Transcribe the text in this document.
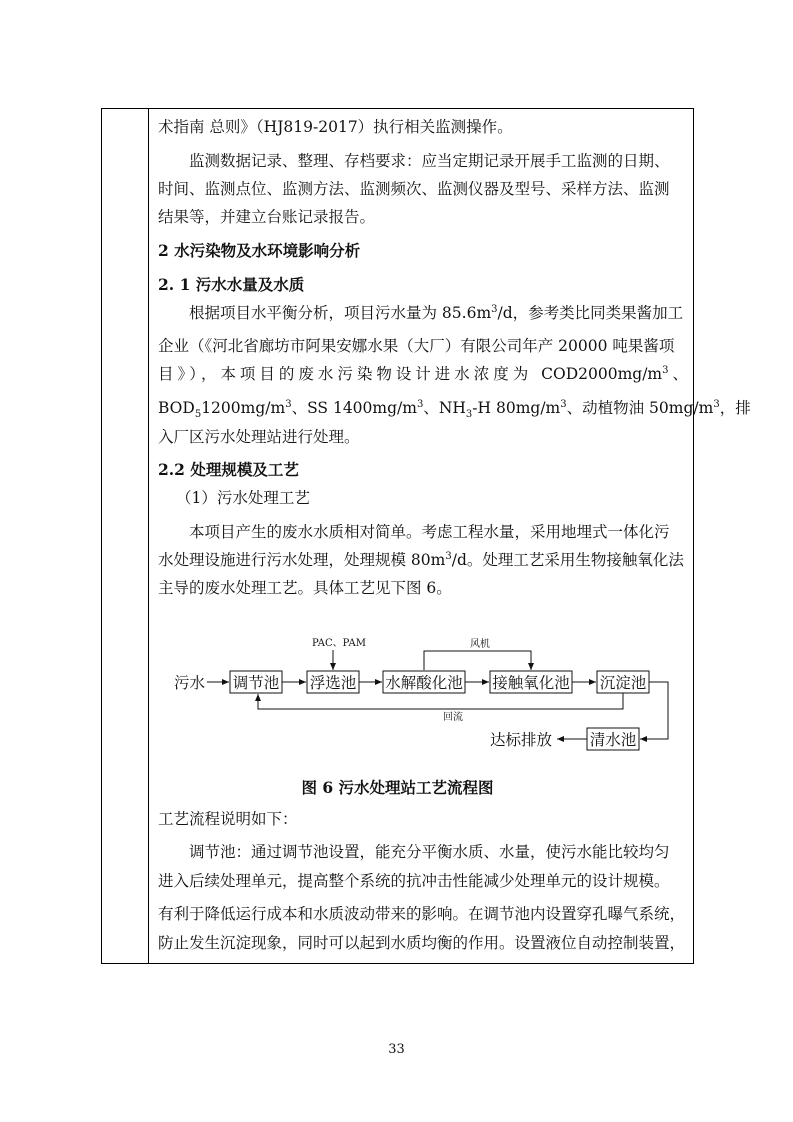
术指南 总则》（HJ819-2017）执行相关监测操作。
监测数据记录、整理、存档要求：应当定期记录开展手工监测的日期、
时间、监测点位、监测方法、监测频次、监测仪器及型号、采样方法、监测
结果等，并建立台账记录报告。
2 水污染物及水环境影响分析
2. 1 污水水量及水质
根据项目水平衡分析，项目污水量为 $85.6m^3/d$，参考类比同类果酱加工
企业（《河北省廊坊市阿果安娜水果（大厂）有限公司年产 20000 吨果酱项
目》），本项目的废水污染物设计进水浓度为 $COD2000mg/m^3$、
$BOD_51200mg/m^3$、SS $1400mg/m^3$、$NH_3-H$ $80mg/m^3$、动植物油 $50mg/m^3$，排
入厂区污水处理站进行处理。
2.2 处理规模及工艺
（1）污水处理工艺
本项目产生的废水水质相对简单。考虑工程水量，采用地埋式一体化污
水处理设施进行污水处理，处理规模 $80m^3/d$。处理工艺采用生物接触氧化法
主导的废水处理工艺。具体工艺见下图 6。
污水 调节池 浮选池 水解酸化池 接触氧化池 沉淀池
清水池
达标排放
PAC、PAM	风机
回流
图 6 污水处理站工艺流程图
工艺流程说明如下：
调节池：通过调节池设置，能充分平衡水质、水量，使污水能比较均匀
进入后续处理单元，提高整个系统的抗冲击性能减少处理单元的设计规模。
有利于降低运行成本和水质波动带来的影响。在调节池内设置穿孔曝气系统，
防止发生沉淀现象，同时可以起到水质均衡的作用。设置液位自动控制装置，
33
